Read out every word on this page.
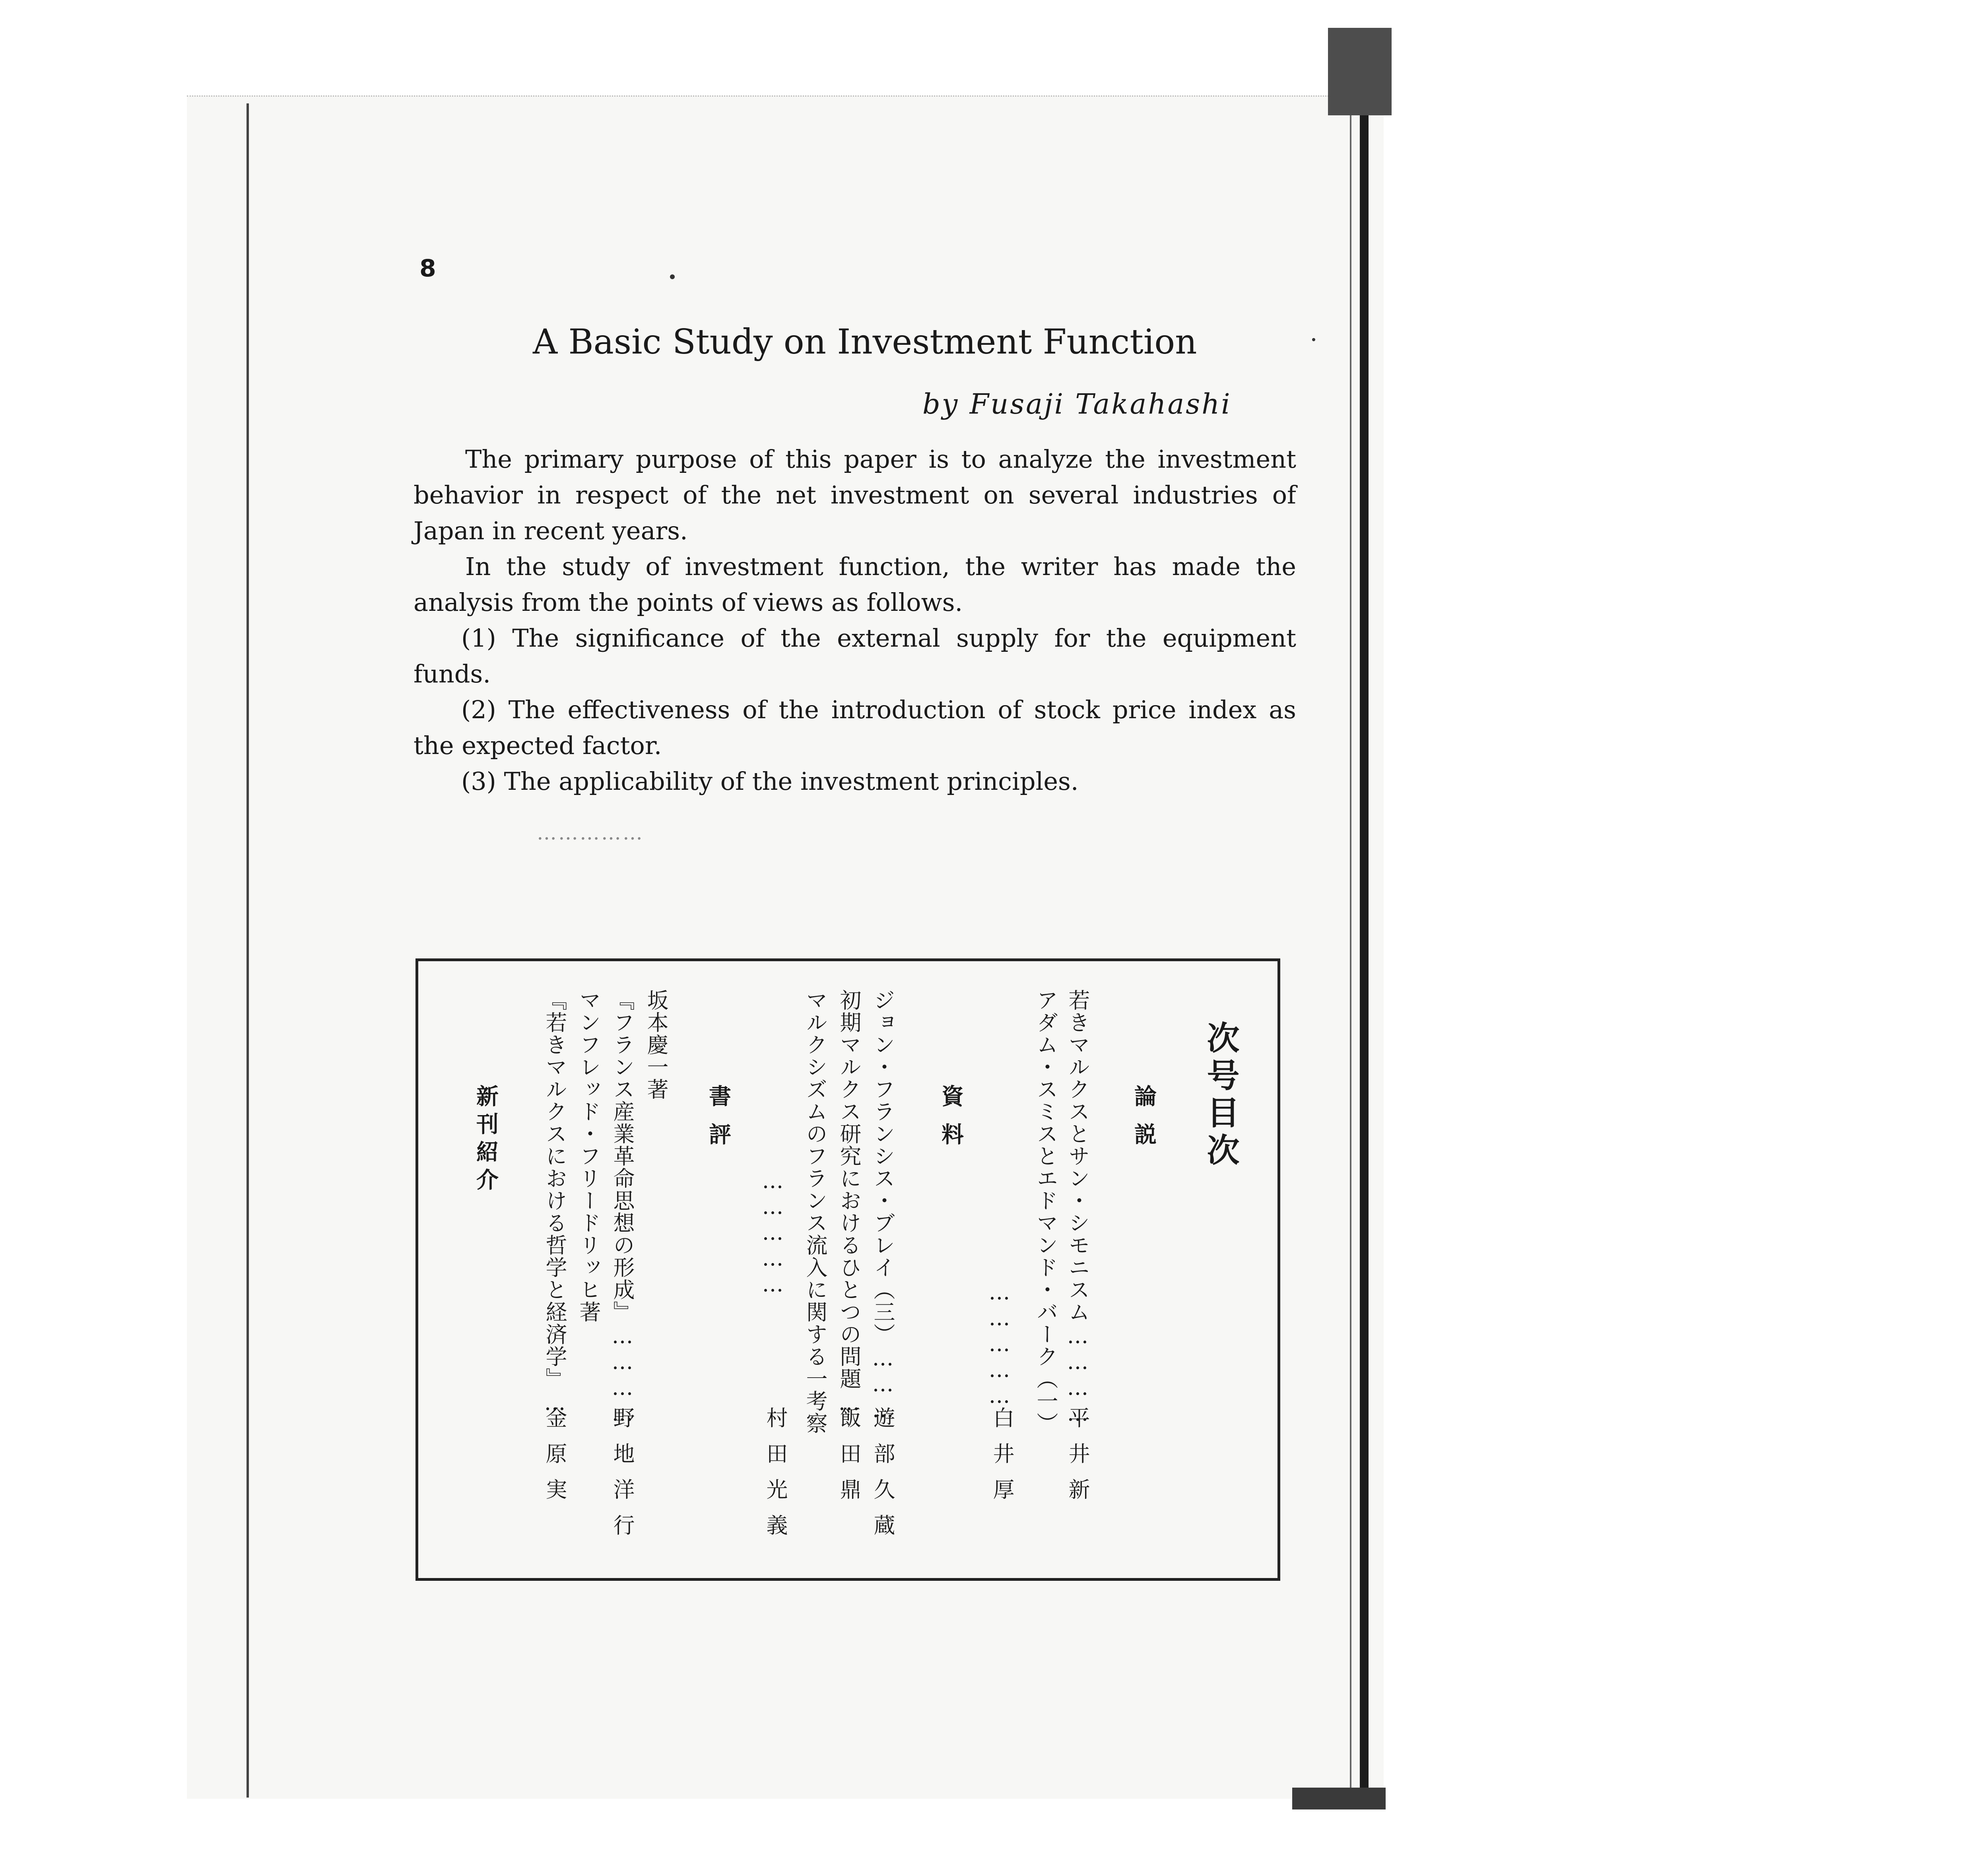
8
A Basic Study on Investment Function
by Fusaji Takahashi

The primary purpose of this paper is to analyze the investment behavior in respect of the net investment on several industries of Japan in recent years.

In the study of investment function, the writer has made the analysis from the points of views as follows.

(1) The significance of the external supply for the equipment funds.

(2) The effectiveness of the introduction of stock price index as the expected factor.

(3) The applicability of the investment principles.

……………
次号目次
論説
若きマルクスとサン・シモニスム…………
平井新
アダム・スミスとエドマンド・バーク（一）
……………
白井厚
資料
ジョン・フランシス・ブレイ（三）………
遊部久蔵
初期マルクス研究におけるひとつの問題…
飯田鼎
マルクシズムのフランス流入に関する一考察
……………
村田光義
書評
坂本慶一著
『フランス産業革命思想の形成』…………
野地洋行
マンフレッド・フリードリッヒ著
『若きマルクスにおける哲学と経済学』…
金原実
新刊紹介
